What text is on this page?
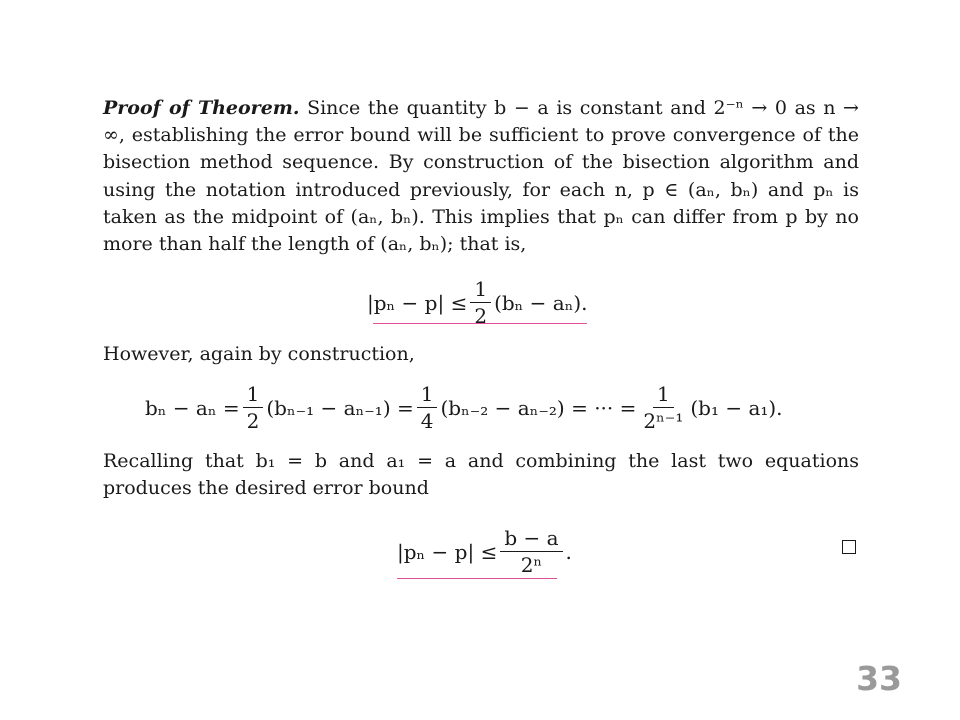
Proof of Theorem. Since the quantity b − a is constant and 2⁻ⁿ → 0 as n → ∞, establishing the error bound will be sufficient to prove convergence of the bisection method sequence. By construction of the bisection algorithm and using the notation introduced previously, for each n, p ∈ (aₙ, bₙ) and pₙ is taken as the midpoint of (aₙ, bₙ). This implies that pₙ can differ from p by no more than half the length of (aₙ, bₙ); that is,

$|p_n - p| \le \frac{1}{2} (b_n - a_n)$.

However, again by construction,

$b_n - a_n = \frac{1}{2} (b_{n-1} - a_{n-1}) = \frac{1}{4} (b_{n-2} - a_{n-2})$ = ··· = $\frac{1}{\text{2ⁿ⁻¹}} (b_1 - a_1)$.

Recalling that b₁ = b and a₁ = a and combining the last two equations produces the desired error bound

$|p_n - p| \le \frac{b - a}{\text{2ⁿ}}$ .

33
